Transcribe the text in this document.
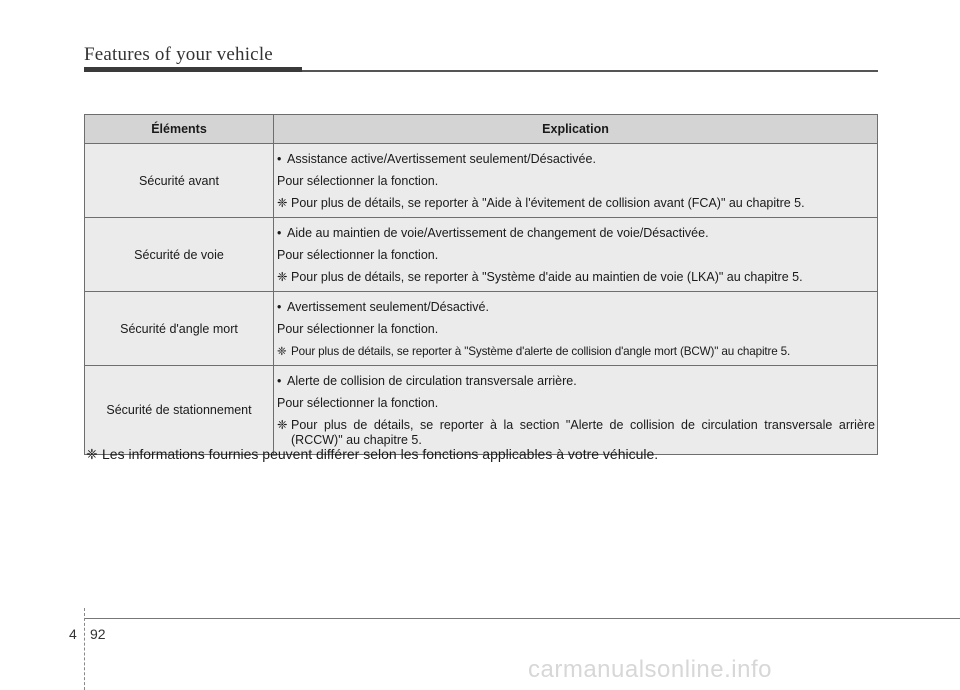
Features of your vehicle
Éléments	Explication
Sécurité avant	• Assistance active/Avertissement seulement/Désactivée.
Pour sélectionner la fonction.
❈ Pour plus de détails, se reporter à "Aide à l'évitement de collision avant (FCA)" au chapitre 5.

Sécurité de voie	• Aide au maintien de voie/Avertissement de changement de voie/Désactivée.
Pour sélectionner la fonction.
❈ Pour plus de détails, se reporter à "Système d'aide au maintien de voie (LKA)" au chapitre 5.

Sécurité d'angle mort	• Avertissement seulement/Désactivé.
Pour sélectionner la fonction.
❈ Pour plus de détails, se reporter à "Système d'alerte de collision d'angle mort (BCW)" au chapitre 5.

Sécurité de stationnement	• Alerte de collision de circulation transversale arrière.
Pour sélectionner la fonction.
❈ Pour plus de détails, se reporter à la section "Alerte de collision de circulation transversale arrière (RCCW)" au chapitre 5.
❈ Les informations fournies peuvent différer selon les fonctions applicables à votre véhicule.
4 92
carmanualsonline.info
